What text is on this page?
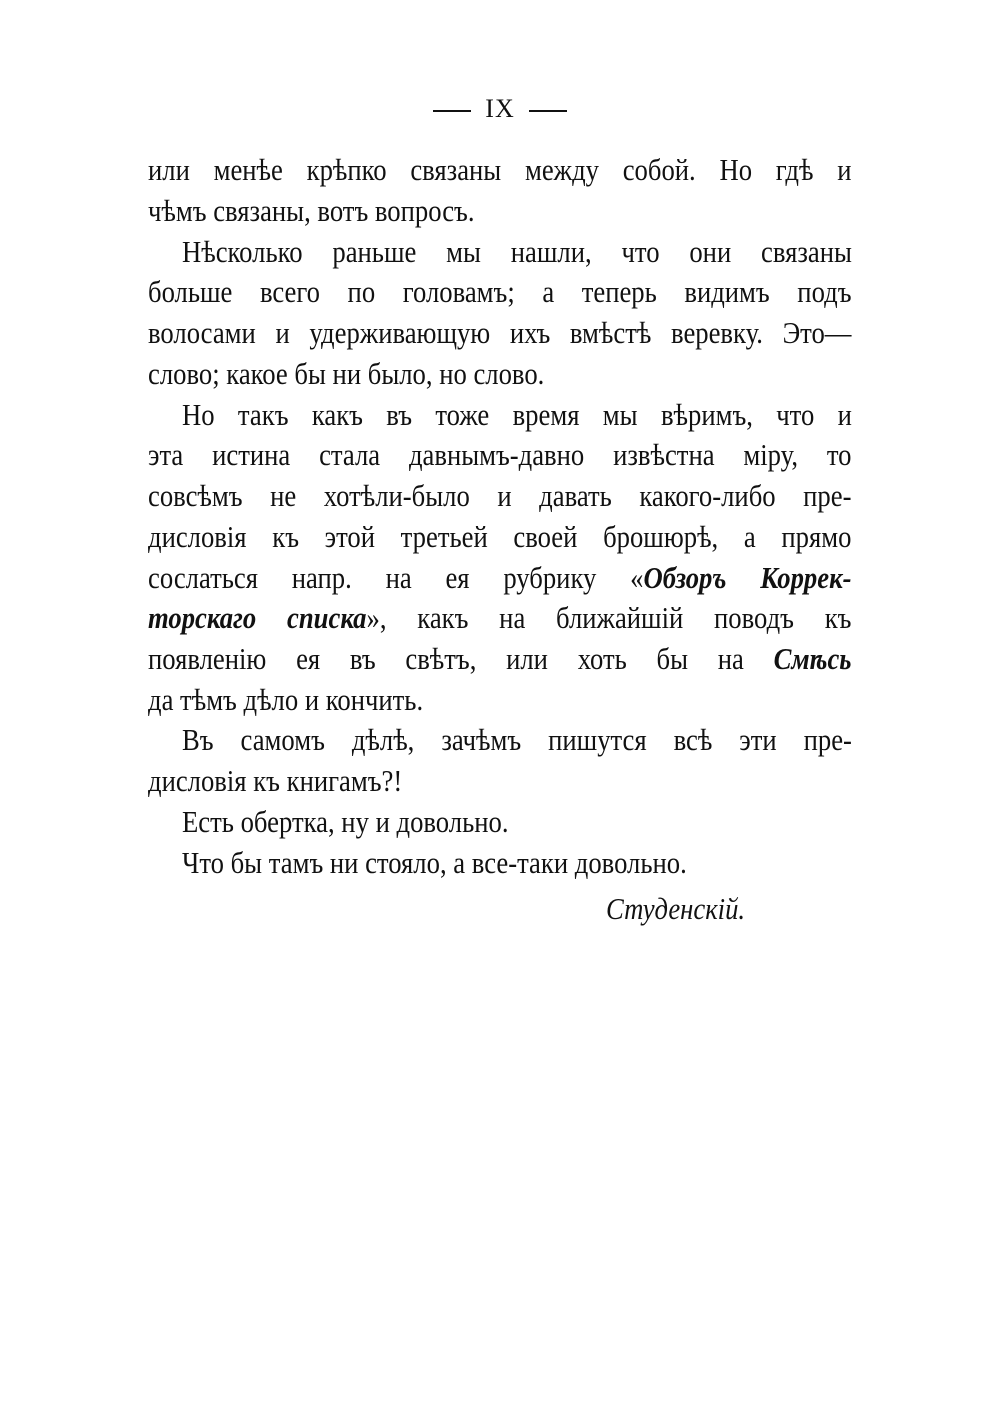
IX
или менѣе крѣпко связаны между собой. Но гдѣ и
чѣмъ связаны, вотъ вопросъ.
Нѣсколько раньше мы нашли, что они связаны
больше всего по головамъ; а теперь видимъ подъ
волосами и удерживающую ихъ вмѣстѣ веревку. Это—
слово; какое бы ни было, но слово.
Но такъ какъ въ тоже время мы вѣримъ, что и
эта истина стала давнымъ-давно извѣстна міру, то
совсѣмъ не хотѣли-было и давать какого-либо пре-
дисловія къ этой третьей своей брошюрѣ, а прямо
сослаться напр. на ея рубрику «Обзоръ Коррек-
торскаго списка», какъ на ближайшій поводъ къ
появленію ея въ свѣтъ, или хоть бы на Смѣсь
да тѣмъ дѣло и кончить.
Въ самомъ дѣлѣ, зачѣмъ пишутся всѣ эти пре-
дисловія къ книгамъ?!
Есть обертка, ну и довольно.
Что бы тамъ ни стояло, а все-таки довольно.
Студенскій.
